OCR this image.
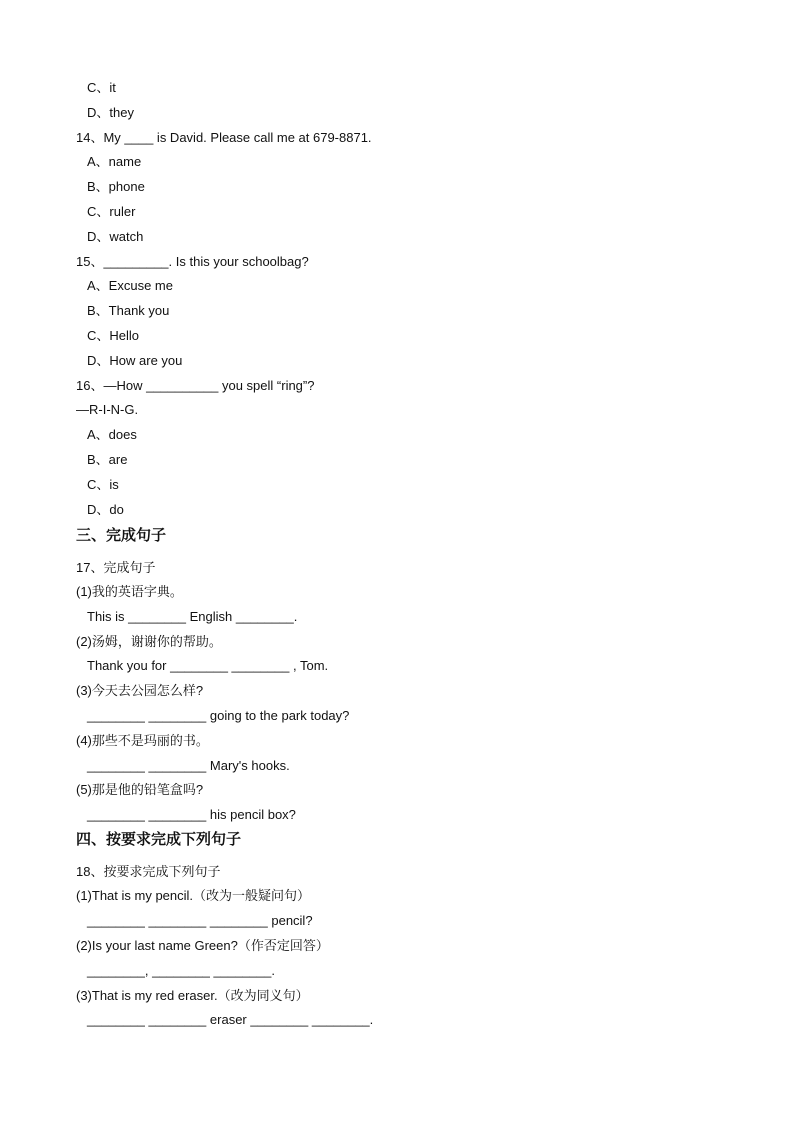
C、it
D、they
14、My ____ is David. Please call me at 679-8871.
A、name
B、phone
C、ruler
D、watch
15、_________. Is this your schoolbag?
A、Excuse me
B、Thank you
C、Hello
D、How are you
16、—How __________ you spell “ring”?
—R-I-N-G.
A、does
B、are
C、is
D、do
三、完成句子
17、完成句子
(1)我的英语字典。
This is ________ English ________.
(2)汤姆，谢谢你的帮助。
Thank you for ________ ________ , Tom.
(3)今天去公园怎么样?
________ ________ going to the park today?
(4)那些不是玛丽的书。
________ ________ Mary's hooks.
(5)那是他的铅笔盒吗?
________ ________ his pencil box?
四、按要求完成下列句子
18、按要求完成下列句子
(1)That is my pencil.（改为一般疑问句）
________ ________ ________ pencil?
(2)Is your last name Green?（作否定回答）
________, ________ ________.
(3)That is my red eraser.（改为同义句）
________ ________ eraser ________ ________.
